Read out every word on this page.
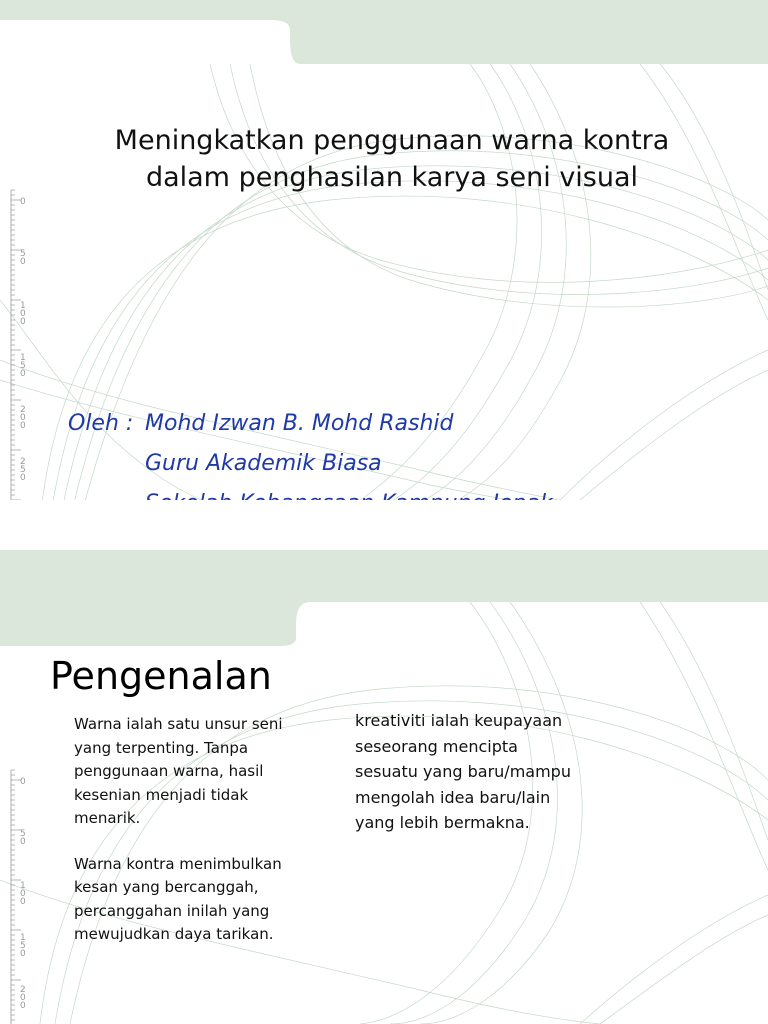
Meningkatkan penggunaan warna kontra
dalam penghasilan karya seni visual
Oleh : Mohd Izwan B. Mohd Rashid
Guru Akademik Biasa
0
5
0
1
0
0
1
5
0
2
0
0
2
5
0
Pengenalan

Warna ialah satu unsur seni yang terpenting. Tanpa penggunaan warna, hasil kesenian menjadi tidak menarik.

Warna kontra menimbulkan kesan yang bercanggah, percanggahan inilah yang mewujudkan daya tarikan.

kreativiti ialah keupayaan seseorang mencipta sesuatu yang baru/mampu mengolah idea baru/lain yang lebih bermakna.
0
5
0
1
0
0
1
5
0
2
0
0
